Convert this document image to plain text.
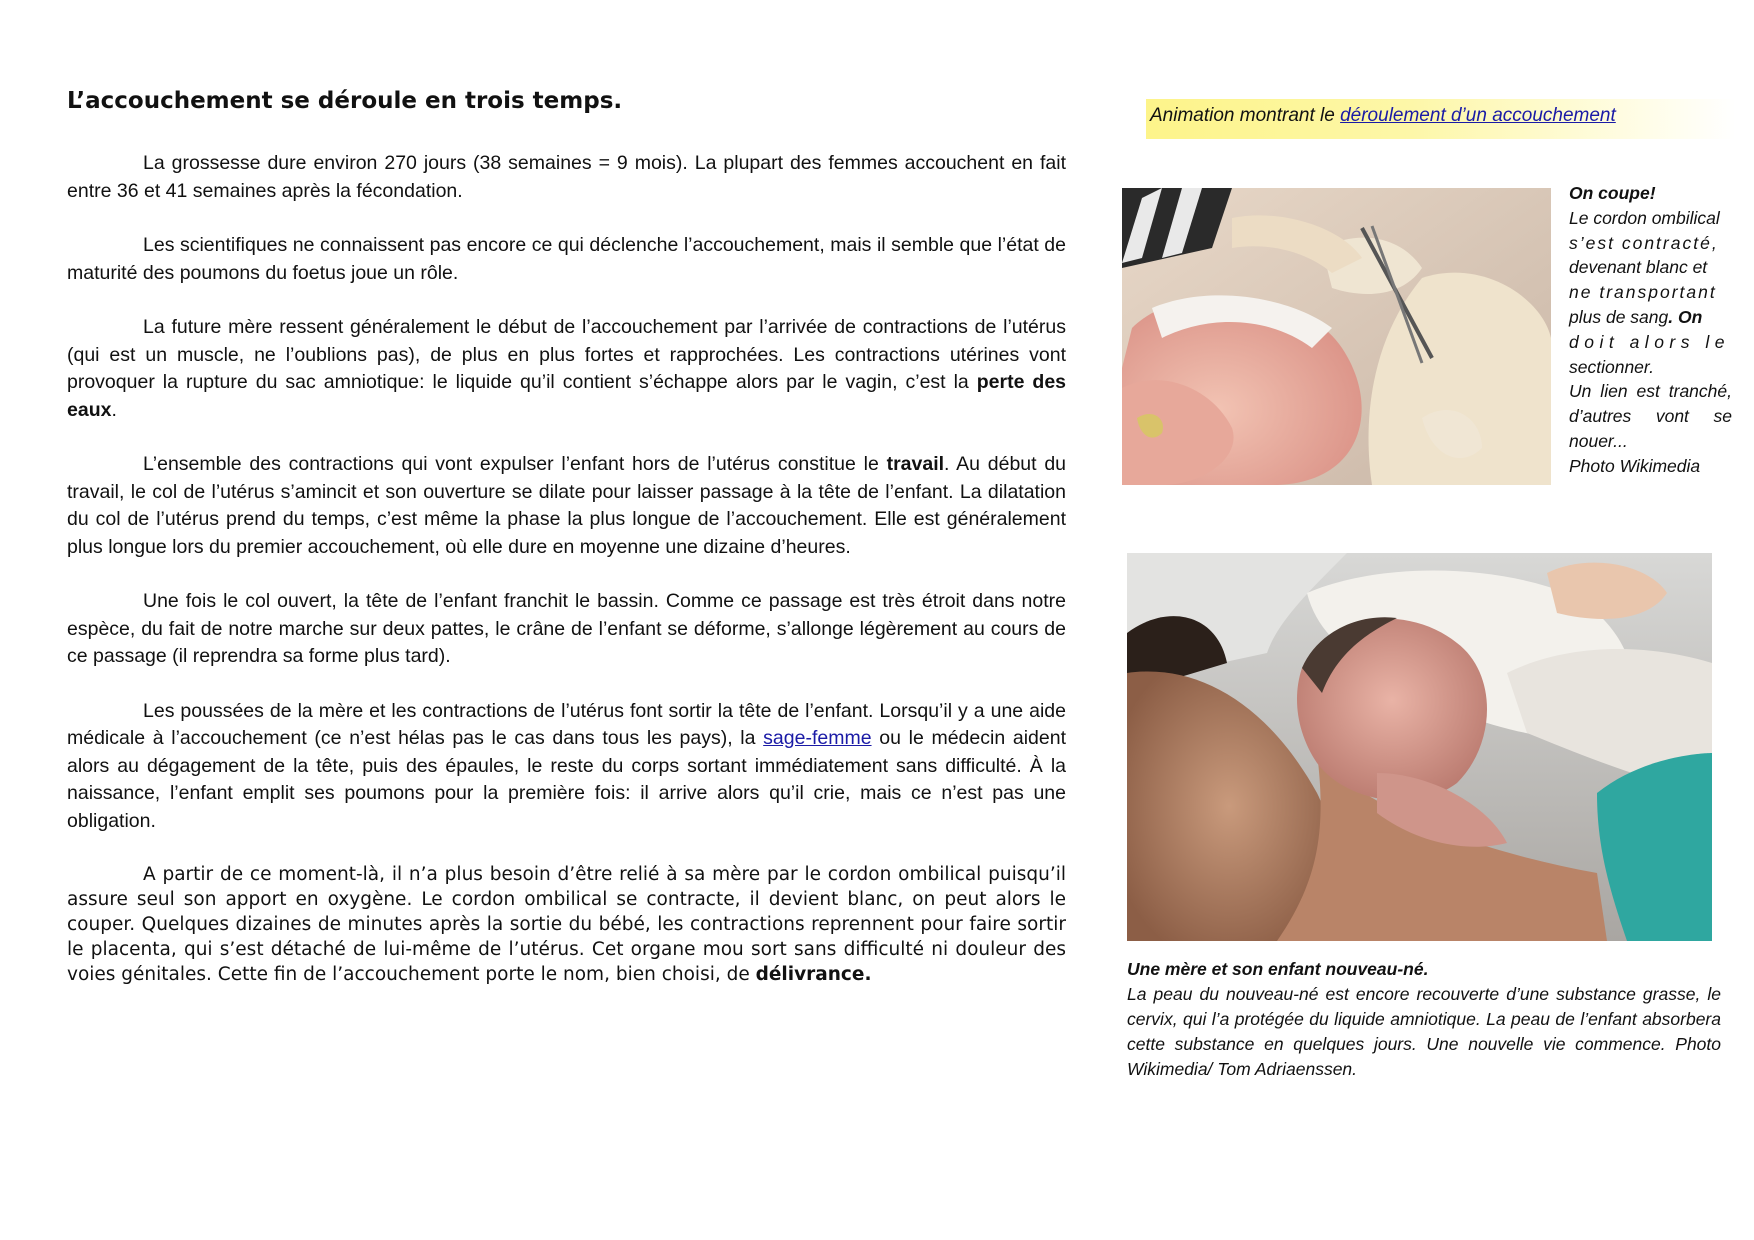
L’accouchement se déroule en trois temps.

La grossesse dure environ 270 jours (38 semaines = 9 mois). La plupart des femmes accouchent en fait entre 36 et 41 semaines après la fécondation.

Les scientifiques ne connaissent pas encore ce qui déclenche l’accouchement, mais il semble que l’état de maturité des poumons du foetus joue un rôle.

La future mère ressent généralement le début de l’accouchement par l’arrivée de contractions de l’utérus (qui est un muscle, ne l’oublions pas), de plus en plus fortes et rapprochées. Les contractions utérines vont provoquer la rupture du sac amniotique: le liquide qu’il contient s’échappe alors par le vagin, c’est la perte des eaux.

L’ensemble des contractions qui vont expulser l’enfant hors de l’utérus constitue le travail. Au début du travail, le col de l’utérus s’amincit et son ouverture se dilate pour laisser passage à la tête de l’enfant. La dilatation du col de l’utérus prend du temps, c’est même la phase la plus longue de l’accouchement. Elle est généralement plus longue lors du premier accouchement, où elle dure en moyenne une dizaine d’heures.

Une fois le col ouvert, la tête de l’enfant franchit le bassin. Comme ce passage est très étroit dans notre espèce, du fait de notre marche sur deux pattes, le crâne de l’enfant se déforme, s’allonge légèrement au cours de ce passage (il reprendra sa forme plus tard).

Les poussées de la mère et les contractions de l’utérus font sortir la tête de l’enfant. Lorsqu’il y a une aide médicale à l’accouchement (ce n’est hélas pas le cas dans tous les pays), la sage-femme ou le médecin aident alors au dégagement de la tête, puis des épaules, le reste du corps sortant immédiatement sans difficulté. À la naissance, l’enfant emplit ses poumons pour la première fois: il arrive alors qu’il crie, mais ce n’est pas une obligation.

A partir de ce moment-là, il n’a plus besoin d’être relié à sa mère par le cordon ombilical puisqu’il assure seul son apport en oxygène. Le cordon ombilical se contracte, il devient blanc, on peut alors le couper. Quelques dizaines de minutes après la sortie du bébé, les contractions reprennent pour faire sortir le placenta, qui s’est détaché de lui-même de l’utérus. Cet organe mou sort sans difficulté ni douleur des voies génitales. Cette fin de l’accouchement porte le nom, bien choisi, de délivrance.

Animation montrant le déroulement d’un accouchement
On coupe!
Le cordon ombilical
s’est contracté,
devenant blanc et
ne transportant
plus de sang. On
doit alors le
sectionner.
Un lien est tranché, d’autres vont se nouer...
Photo Wikimedia
Une mère et son enfant nouveau-né.
La peau du nouveau-né est encore recouverte d’une substance grasse, le cervix, qui l’a protégée du liquide amniotique. La peau de l’enfant absorbera cette substance en quelques jours. Une nouvelle vie commence. Photo Wikimedia/ Tom Adriaenssen.
